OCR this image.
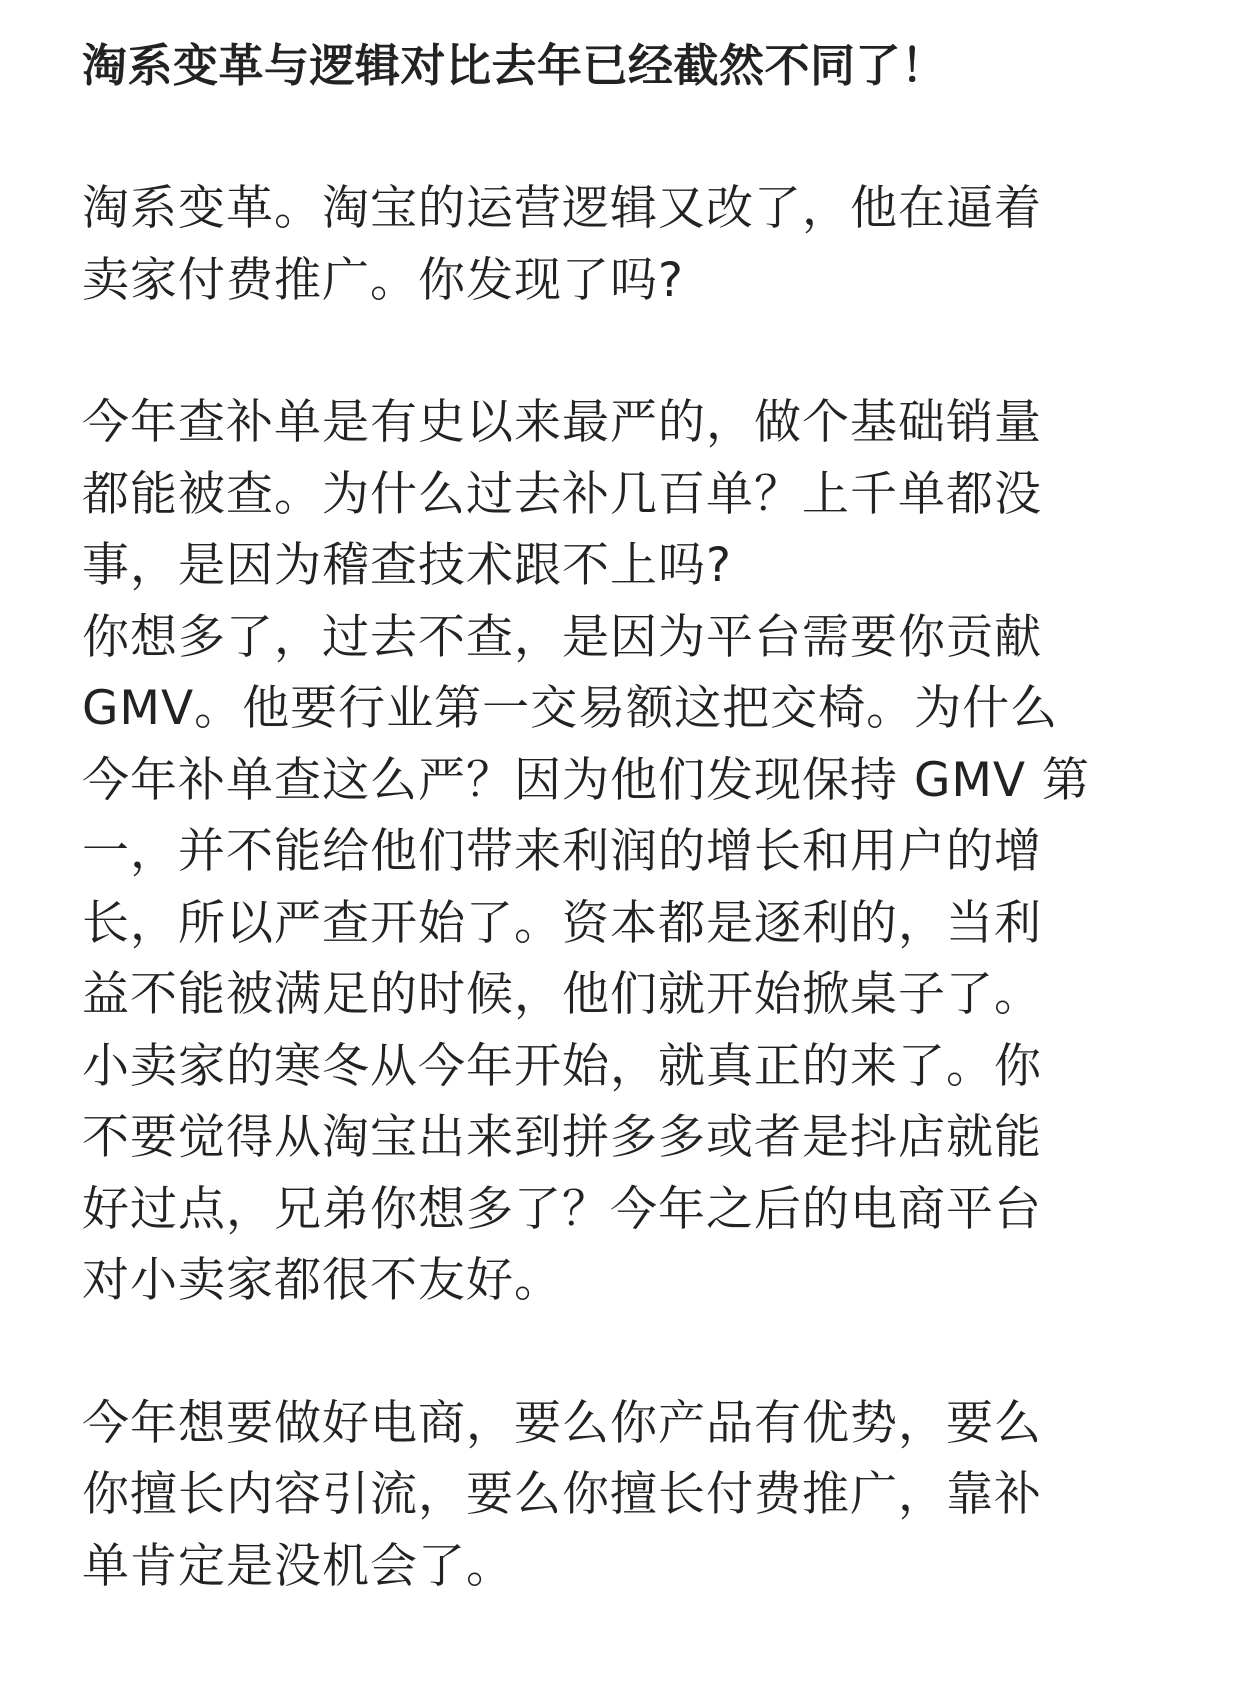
淘系变革与逻辑对比去年已经截然不同了！

淘系变革。淘宝的运营逻辑又改了，他在逼着
卖家付费推广。你发现了吗?

今年查补单是有史以来最严的，做个基础销量
都能被查。为什么过去补几百单？上千单都没
事，是因为稽查技术跟不上吗?
你想多了，过去不查，是因为平台需要你贡献
GMV。他要行业第一交易额这把交椅。为什么
今年补单查这么严？因为他们发现保持 GMV 第
一，并不能给他们带来利润的增长和用户的增
长，所以严查开始了。资本都是逐利的，当利
益不能被满足的时候，他们就开始掀桌子了。
小卖家的寒冬从今年开始，就真正的来了。你
不要觉得从淘宝出来到拼多多或者是抖店就能
好过点，兄弟你想多了？今年之后的电商平台
对小卖家都很不友好。

今年想要做好电商，要么你产品有优势，要么
你擅长内容引流，要么你擅长付费推广，靠补
单肯定是没机会了。
